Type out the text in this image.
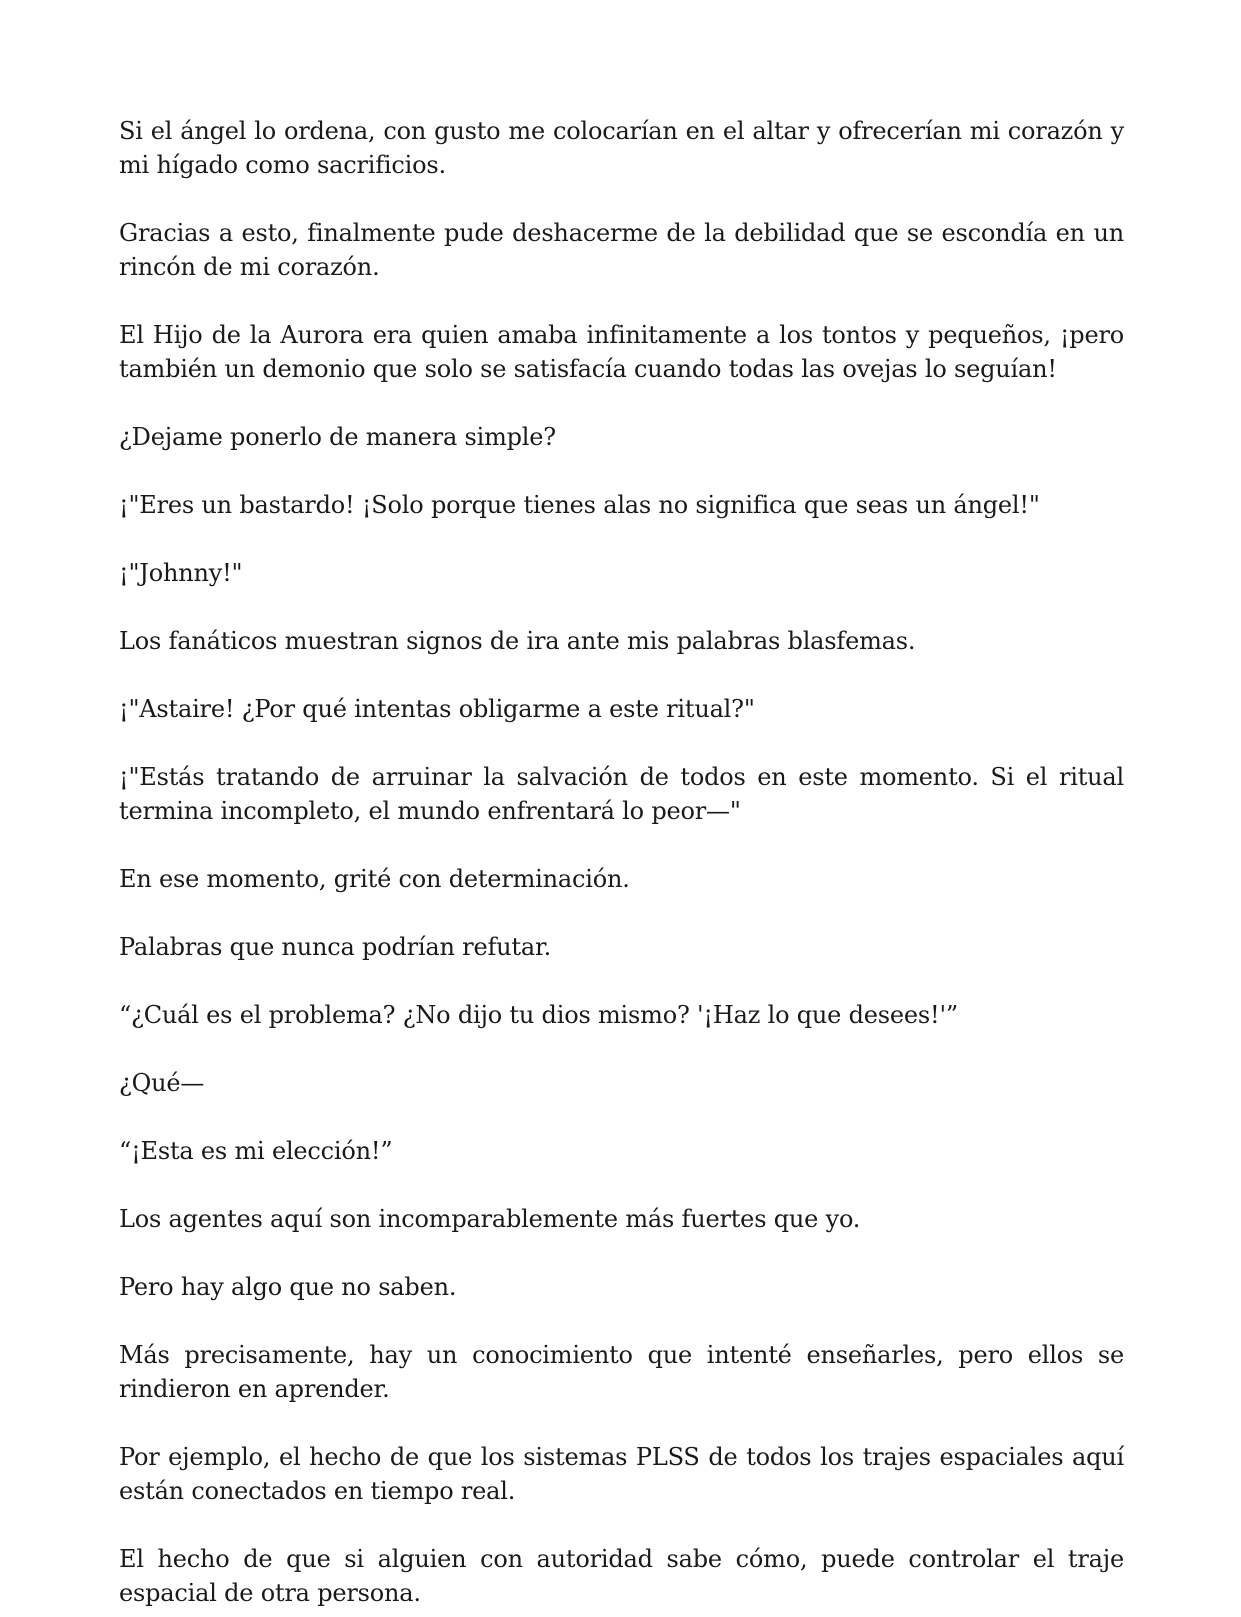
Si el ángel lo ordena, con gusto me colocarían en el altar y ofrecerían mi corazón y mi hígado como sacrificios.

Gracias a esto, finalmente pude deshacerme de la debilidad que se escondía en un rincón de mi corazón.

El Hijo de la Aurora era quien amaba infinitamente a los tontos y pequeños, ¡pero también un demonio que solo se satisfacía cuando todas las ovejas lo seguían!

¿Dejame ponerlo de manera simple?

¡"Eres un bastardo! ¡Solo porque tienes alas no significa que seas un ángel!"

¡"Johnny!"

Los fanáticos muestran signos de ira ante mis palabras blasfemas.

¡"Astaire! ¿Por qué intentas obligarme a este ritual?"

¡"Estás tratando de arruinar la salvación de todos en este momento. Si el ritual termina incompleto, el mundo enfrentará lo peor—"

En ese momento, grité con determinación.

Palabras que nunca podrían refutar.

“¿Cuál es el problema? ¿No dijo tu dios mismo? '¡Haz lo que desees!'”

¿Qué—

“¡Esta es mi elección!”

Los agentes aquí son incomparablemente más fuertes que yo.

Pero hay algo que no saben.

Más precisamente, hay un conocimiento que intenté enseñarles, pero ellos se rindieron en aprender.

Por ejemplo, el hecho de que los sistemas PLSS de todos los trajes espaciales aquí están conectados en tiempo real.

El hecho de que si alguien con autoridad sabe cómo, puede controlar el traje espacial de otra persona.
